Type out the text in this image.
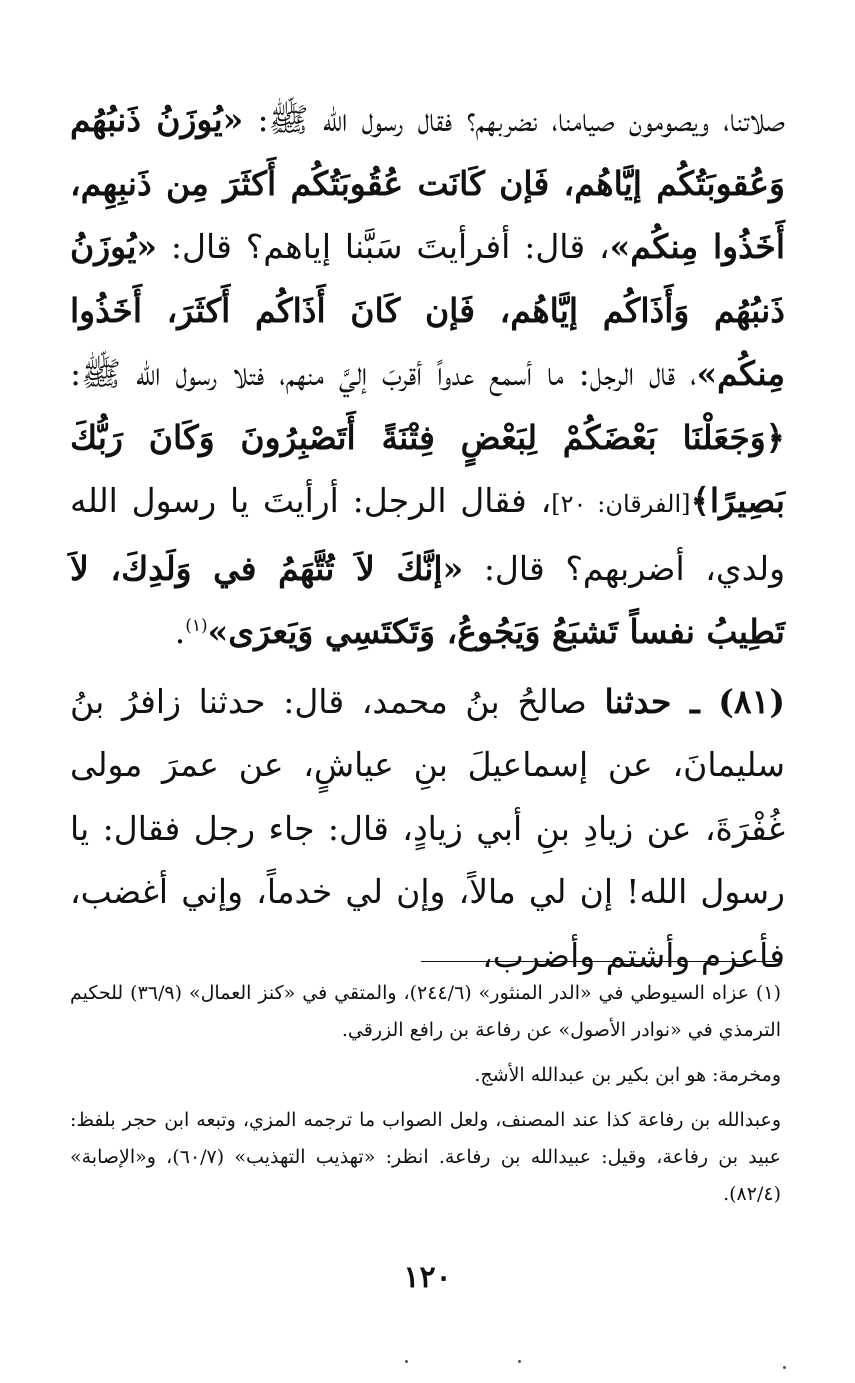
صلاتنا، ويصومون صيامنا، نضربهم؟ فقال رسول الله ﷺ: «يُوزَنُ ذَنبُهُم وَعُقوبَتُكُم إيَّاهُم، فَإن كَانَت عُقُوبَتُكُم أَكثَرَ مِن ذَنبِهِم، أَخَذُوا مِنكُم»، قال: أفرأيتَ سَبَّنا إياهم؟ قال: «يُوزَنُ ذَنبُهُم وَأَذَاكُم إيَّاهُم، فَإن كَانَ أَذَاكُم أَكثَرَ، أَخَذُوا مِنكُم»، قال الرجل: ما أسمع عدواً أقربَ إليَّ منهم، فتلا رسول الله ﷺ: ﴿وَجَعَلْنَا بَعْضَكُمْ لِبَعْضٍ فِتْنَةً أَتَصْبِرُونَ وَكَانَ رَبُّكَ بَصِيرًا﴾[الفرقان: ٢٠]، فقال الرجل: أرأيتَ يا رسول الله ولدي، أضربهم؟ قال: «إنَّكَ لاَ تُتَّهَمُ في وَلَدِكَ، لاَ تَطِيبُ نفساً تَشبَعُ وَيَجُوعُ، وَتَكتَسِي وَيَعرَى»$^{(١)}$.

(٨١) ـ حدثنا صالحُ بنُ محمد، قال: حدثنا زافرُ بنُ سليمانَ، عن إسماعيلَ بنِ عياشٍ، عن عمرَ مولى غُفْرَةَ، عن زيادِ بنِ أبي زيادٍ، قال: جاء رجل فقال: يا رسول الله! إن لي مالاً، وإن لي خدماً، وإني أغضب، فأعزم وأشتم وأضرب،

(١) عزاه السيوطي في «الدر المنثور» (٢٤٤/٦)، والمتقي في «كنز العمال» (٣٦/٩) للحكيم الترمذي في «نوادر الأصول» عن رفاعة بن رافع الزرقي.

ومخرمة: هو ابن بكير بن عبدالله الأشج.

وعبدالله بن رفاعة كذا عند المصنف، ولعل الصواب ما ترجمه المزي، وتبعه ابن حجر بلفظ: عبيد بن رفاعة، وقيل: عبيدالله بن رفاعة. انظر: «تهذيب التهذيب» (٦٠/٧)، و«الإصابة» (٨٢/٤).

١٢٠
